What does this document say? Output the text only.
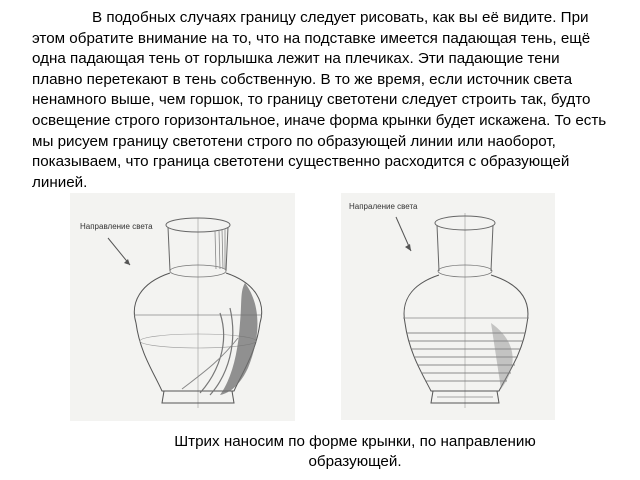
В подобных случаях границу следует рисовать, как вы её видите. При этом обратите внимание на то, что на подставке имеется падающая тень, ещё одна падающая тень от горлышка лежит на плечиках. Эти падающие тени плавно перетекают в тень собственную. В то же время, если источник света ненамного выше, чем горшок, то границу светотени следует строить так, будто освещение строго горизонтальное, иначе форма крынки будет искажена. То есть мы рисуем границу светотени строго по образующей линии или наоборот, показываем, что граница светотени существенно расходится с образующей линией.

Направление света
Напраление света

Штрих наносим по форме крынки, по направлению образующей.
